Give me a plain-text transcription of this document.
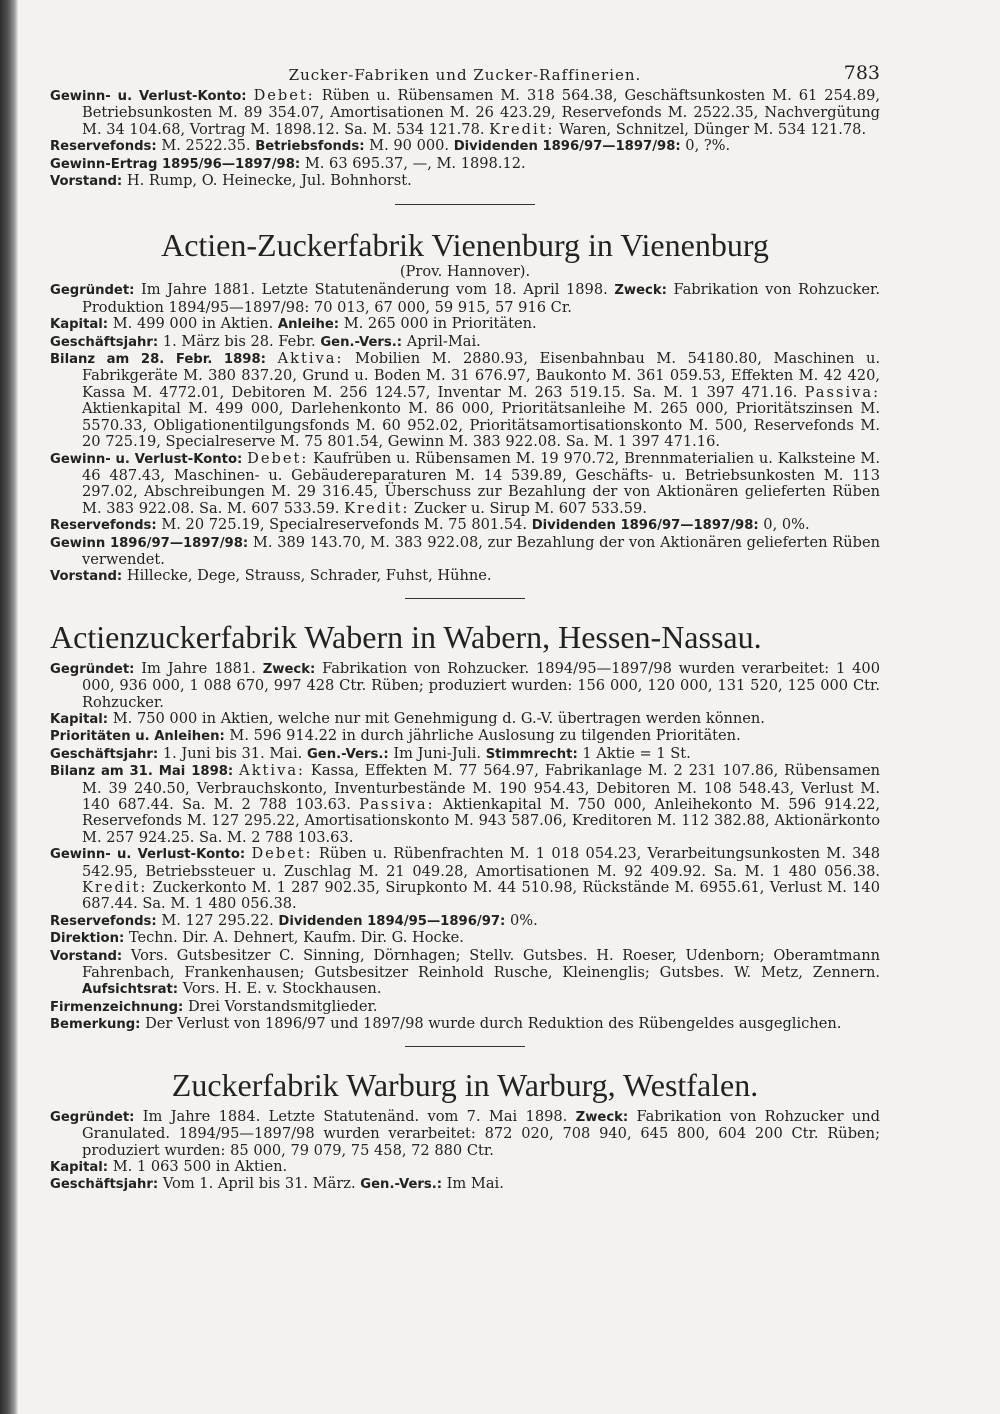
Zucker-Fabriken und Zucker-Raffinerien.	783

Gewinn- u. Verlust-Konto: Debet: Rüben u. Rübensamen M. 318 564.38, Geschäftsunkosten M. 61 254.89, Betriebsunkosten M. 89 354.07, Amortisationen M. 26 423.29, Reservefonds M. 2522.35, Nachvergütung M. 34 104.68, Vortrag M. 1898.12. Sa. M. 534 121.78. Kredit: Waren, Schnitzel, Dünger M. 534 121.78.

Reservefonds: M. 2522.35. Betriebsfonds: M. 90 000. Dividenden 1896/97—1897/98: 0, ?%.

Gewinn-Ertrag 1895/96—1897/98: M. 63 695.37, —, M. 1898.12.

Vorstand: H. Rump, O. Heinecke, Jul. Bohnhorst.

Actien-Zuckerfabrik Vienenburg in Vienenburg

(Prov. Hannover).

Gegründet: Im Jahre 1881. Letzte Statutenänderung vom 18. April 1898. Zweck: Fabrikation von Rohzucker. Produktion 1894/95—1897/98: 70 013, 67 000, 59 915, 57 916 Cr.

Kapital: M. 499 000 in Aktien. Anleihe: M. 265 000 in Prioritäten.

Geschäftsjahr: 1. März bis 28. Febr. Gen.-Vers.: April-Mai.

Bilanz am 28. Febr. 1898: Aktiva: Mobilien M. 2880.93, Eisenbahnbau M. 54180.80, Maschinen u. Fabrikgeräte M. 380 837.20, Grund u. Boden M. 31 676.97, Baukonto M. 361 059.53, Effekten M. 42 420, Kassa M. 4772.01, Debitoren M. 256 124.57, Inventar M. 263 519.15. Sa. M. 1 397 471.16. Passiva: Aktienkapital M. 499 000, Darlehenkonto M. 86 000, Prioritätsanleihe M. 265 000, Prioritätszinsen M. 5570.33, Obligationentilgungsfonds M. 60 952.02, Prioritätsamortisationskonto M. 500, Reservefonds M. 20 725.19, Specialreserve M. 75 801.54, Gewinn M. 383 922.08. Sa. M. 1 397 471.16.

Gewinn- u. Verlust-Konto: Debet: Kaufrüben u. Rübensamen M. 19 970.72, Brennmaterialien u. Kalksteine M. 46 487.43, Maschinen- u. Gebäudereparaturen M. 14 539.89, Geschäfts- u. Betriebsunkosten M. 113 297.02, Abschreibungen M. 29 316.45, Überschuss zur Bezahlung der von Aktionären gelieferten Rüben M. 383 922.08. Sa. M. 607 533.59. Kredit: Zucker u. Sirup M. 607 533.59.

Reservefonds: M. 20 725.19, Specialreservefonds M. 75 801.54. Dividenden 1896/97—1897/98: 0, 0%.

Gewinn 1896/97—1897/98: M. 389 143.70, M. 383 922.08, zur Bezahlung der von Aktionären gelieferten Rüben verwendet.

Vorstand: Hillecke, Dege, Strauss, Schrader, Fuhst, Hühne.

Actienzuckerfabrik Wabern in Wabern, Hessen-Nassau.

Gegründet: Im Jahre 1881. Zweck: Fabrikation von Rohzucker. 1894/95—1897/98 wurden verarbeitet: 1 400 000, 936 000, 1 088 670, 997 428 Ctr. Rüben; produziert wurden: 156 000, 120 000, 131 520, 125 000 Ctr. Rohzucker.

Kapital: M. 750 000 in Aktien, welche nur mit Genehmigung d. G.-V. übertragen werden können.

Prioritäten u. Anleihen: M. 596 914.22 in durch jährliche Auslosung zu tilgenden Prioritäten.

Geschäftsjahr: 1. Juni bis 31. Mai. Gen.-Vers.: Im Juni-Juli. Stimmrecht: 1 Aktie = 1 St.

Bilanz am 31. Mai 1898: Aktiva: Kassa, Effekten M. 77 564.97, Fabrikanlage M. 2 231 107.86, Rübensamen M. 39 240.50, Verbrauchskonto, Inventurbestände M. 190 954.43, Debitoren M. 108 548.43, Verlust M. 140 687.44. Sa. M. 2 788 103.63. Passiva: Aktienkapital M. 750 000, Anleihekonto M. 596 914.22, Reservefonds M. 127 295.22, Amortisationskonto M. 943 587.06, Kreditoren M. 112 382.88, Aktionärkonto M. 257 924.25. Sa. M. 2 788 103.63.

Gewinn- u. Verlust-Konto: Debet: Rüben u. Rübenfrachten M. 1 018 054.23, Verarbeitungsunkosten M. 348 542.95, Betriebssteuer u. Zuschlag M. 21 049.28, Amortisationen M. 92 409.92. Sa. M. 1 480 056.38. Kredit: Zuckerkonto M. 1 287 902.35, Sirupkonto M. 44 510.98, Rückstände M. 6955.61, Verlust M. 140 687.44. Sa. M. 1 480 056.38.

Reservefonds: M. 127 295.22. Dividenden 1894/95—1896/97: 0%.

Direktion: Techn. Dir. A. Dehnert, Kaufm. Dir. G. Hocke.

Vorstand: Vors. Gutsbesitzer C. Sinning, Dörnhagen; Stellv. Gutsbes. H. Roeser, Udenborn; Oberamtmann Fahrenbach, Frankenhausen; Gutsbesitzer Reinhold Rusche, Kleinenglis; Gutsbes. W. Metz, Zennern. Aufsichtsrat: Vors. H. E. v. Stockhausen.

Firmenzeichnung: Drei Vorstandsmitglieder.

Bemerkung: Der Verlust von 1896/97 und 1897/98 wurde durch Reduktion des Rübengeldes ausgeglichen.

Zuckerfabrik Warburg in Warburg, Westfalen.

Gegründet: Im Jahre 1884. Letzte Statutenänd. vom 7. Mai 1898. Zweck: Fabrikation von Rohzucker und Granulated. 1894/95—1897/98 wurden verarbeitet: 872 020, 708 940, 645 800, 604 200 Ctr. Rüben; produziert wurden: 85 000, 79 079, 75 458, 72 880 Ctr.

Kapital: M. 1 063 500 in Aktien.

Geschäftsjahr: Vom 1. April bis 31. März. Gen.-Vers.: Im Mai.
